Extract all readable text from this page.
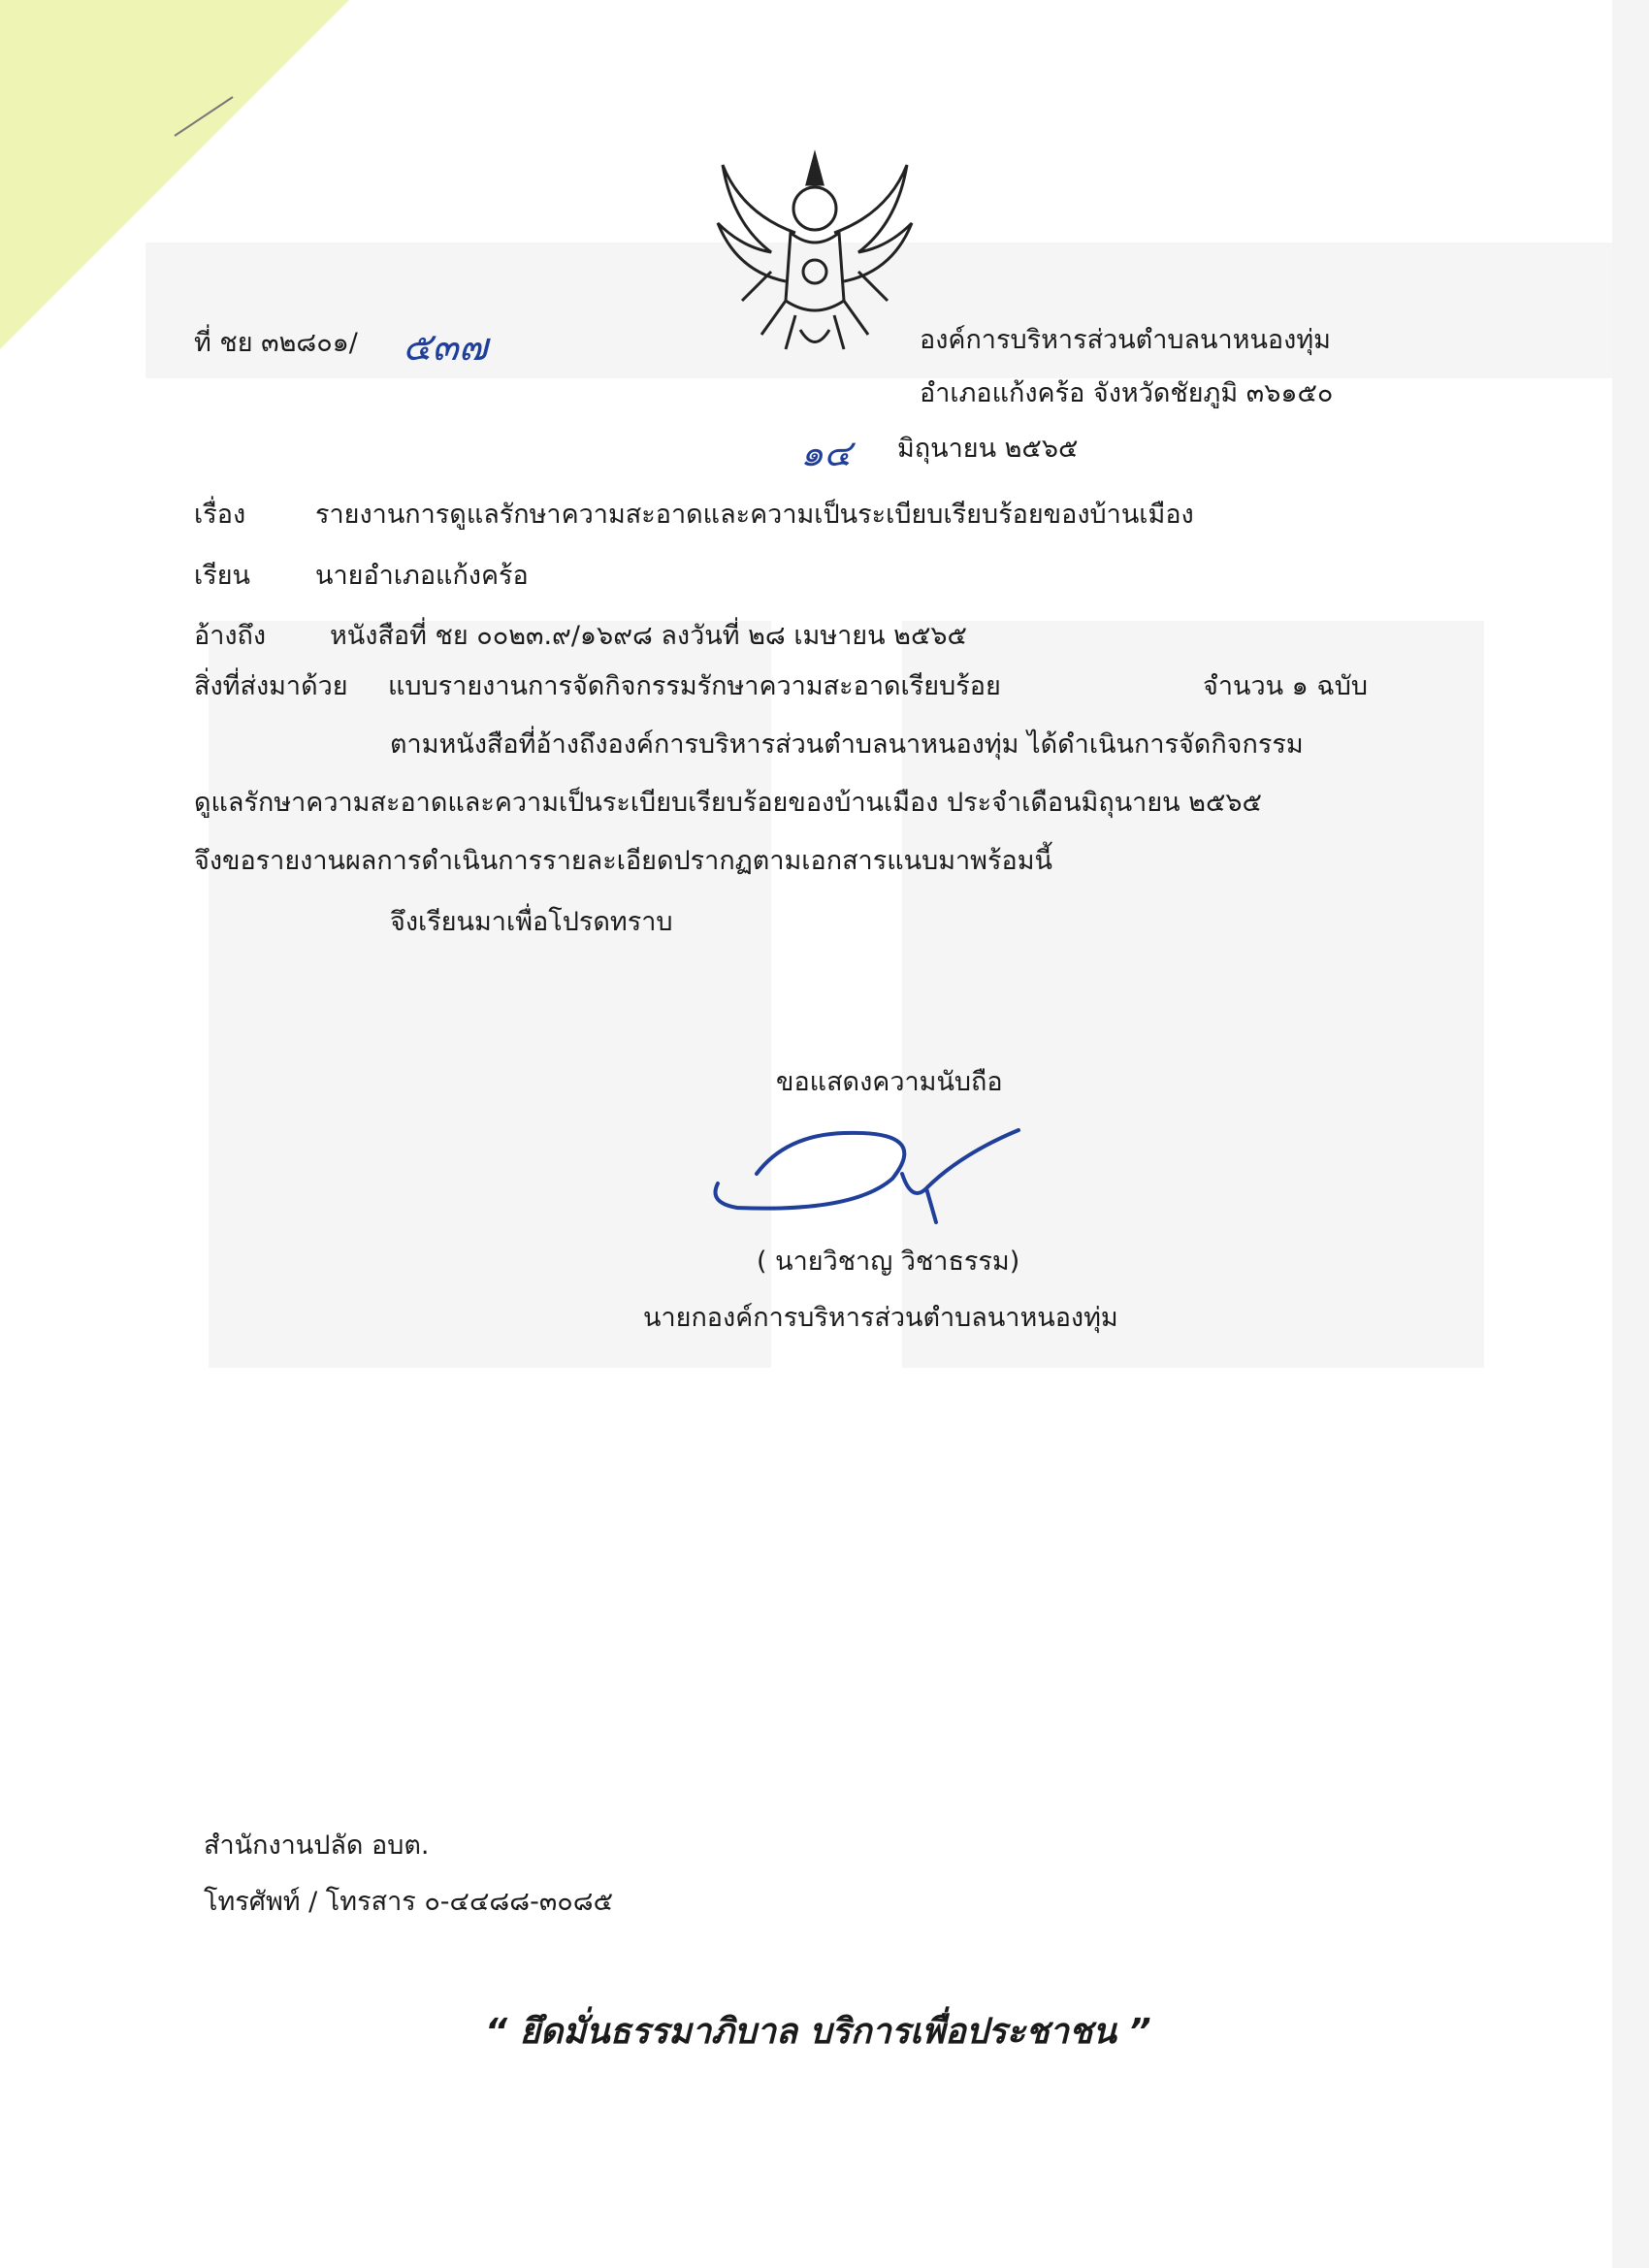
ที่ ชย ๓๒๘๐๑/ ๕๓๗	องค์การบริหารส่วนตำบลนาหนองทุ่ม
อำเภอแก้งคร้อ จังหวัดชัยภูมิ ๓๖๑๕๐
๑๔ มิถุนายน ๒๕๖๕
เรื่อง	รายงานการดูแลรักษาความสะอาดและความเป็นระเบียบเรียบร้อยของบ้านเมือง
เรียน นายอำเภอแก้งคร้อ
อ้างถึง หนังสือที่ ชย ๐๐๒๓.๙/๑๖๙๘ ลงวันที่ ๒๘ เมษายน ๒๕๖๕
สิ่งที่ส่งมาด้วย แบบรายงานการจัดกิจกรรมรักษาความสะอาดเรียบร้อย	จำนวน ๑ ฉบับ
ตามหนังสือที่อ้างถึงองค์การบริหารส่วนตำบลนาหนองทุ่ม ได้ดำเนินการจัดกิจกรรม
ดูแลรักษาความสะอาดและความเป็นระเบียบเรียบร้อยของบ้านเมือง ประจำเดือนมิถุนายน ๒๕๖๕
จึงขอรายงานผลการดำเนินการรายละเอียดปรากฏตามเอกสารแนบมาพร้อมนี้
จึงเรียนมาเพื่อโปรดทราบ
ขอแสดงความนับถือ
( นายวิชาญ วิชาธรรม)
นายกองค์การบริหารส่วนตำบลนาหนองทุ่ม
สำนักงานปลัด อบต.
โทรศัพท์ / โทรสาร ๐-๔๔๘๘-๓๐๘๕
“ ยึดมั่นธรรมาภิบาล บริการเพื่อประชาชน ”
